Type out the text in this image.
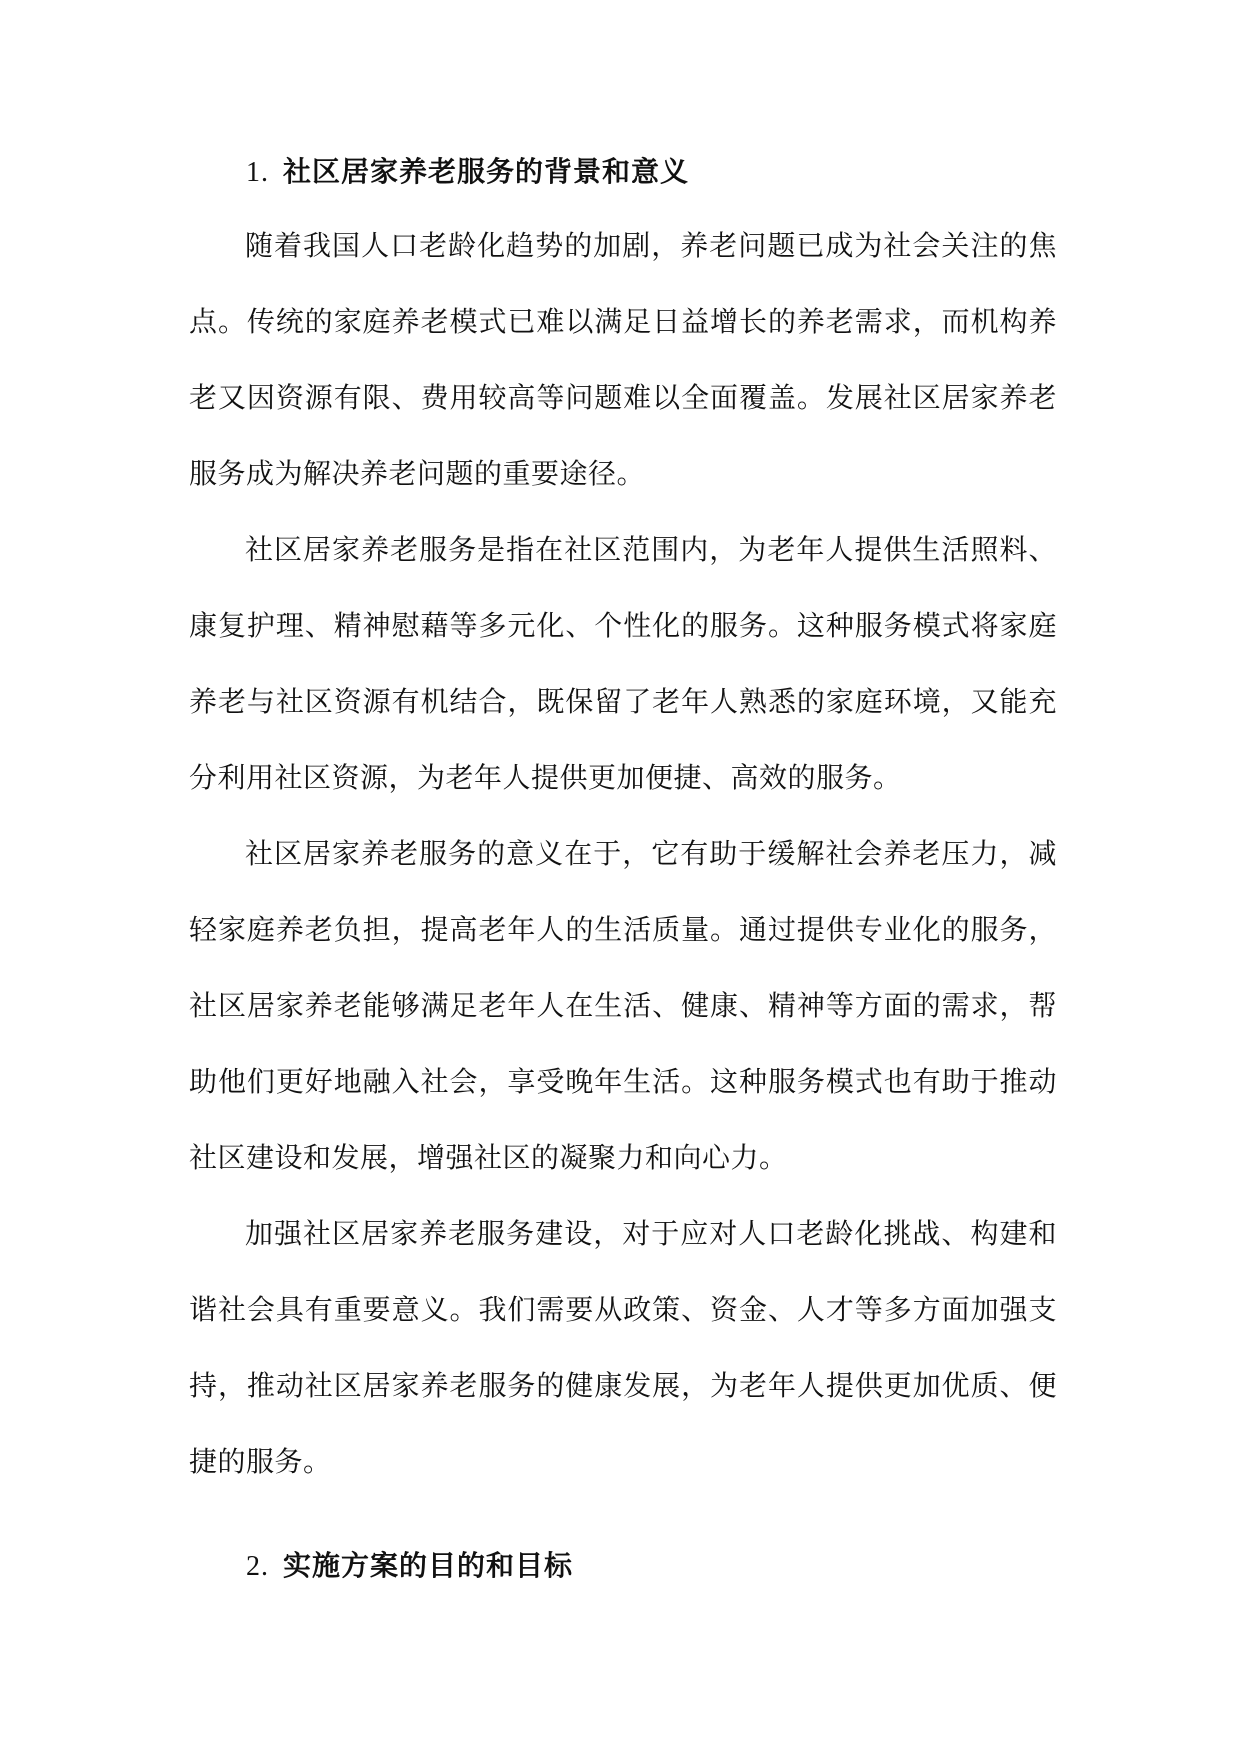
1. 社区居家养老服务的背景和意义

随着我国人口老龄化趋势的加剧，养老问题已成为社会关注的焦点。传统的家庭养老模式已难以满足日益增长的养老需求，而机构养老又因资源有限、费用较高等问题难以全面覆盖。发展社区居家养老服务成为解决养老问题的重要途径。

社区居家养老服务是指在社区范围内，为老年人提供生活照料、康复护理、精神慰藉等多元化、个性化的服务。这种服务模式将家庭养老与社区资源有机结合，既保留了老年人熟悉的家庭环境，又能充分利用社区资源，为老年人提供更加便捷、高效的服务。

社区居家养老服务的意义在于，它有助于缓解社会养老压力，减轻家庭养老负担，提高老年人的生活质量。通过提供专业化的服务，社区居家养老能够满足老年人在生活、健康、精神等方面的需求，帮助他们更好地融入社会，享受晚年生活。这种服务模式也有助于推动社区建设和发展，增强社区的凝聚力和向心力。

加强社区居家养老服务建设，对于应对人口老龄化挑战、构建和谐社会具有重要意义。我们需要从政策、资金、人才等多方面加强支持，推动社区居家养老服务的健康发展，为老年人提供更加优质、便捷的服务。

2. 实施方案的目的和目标
